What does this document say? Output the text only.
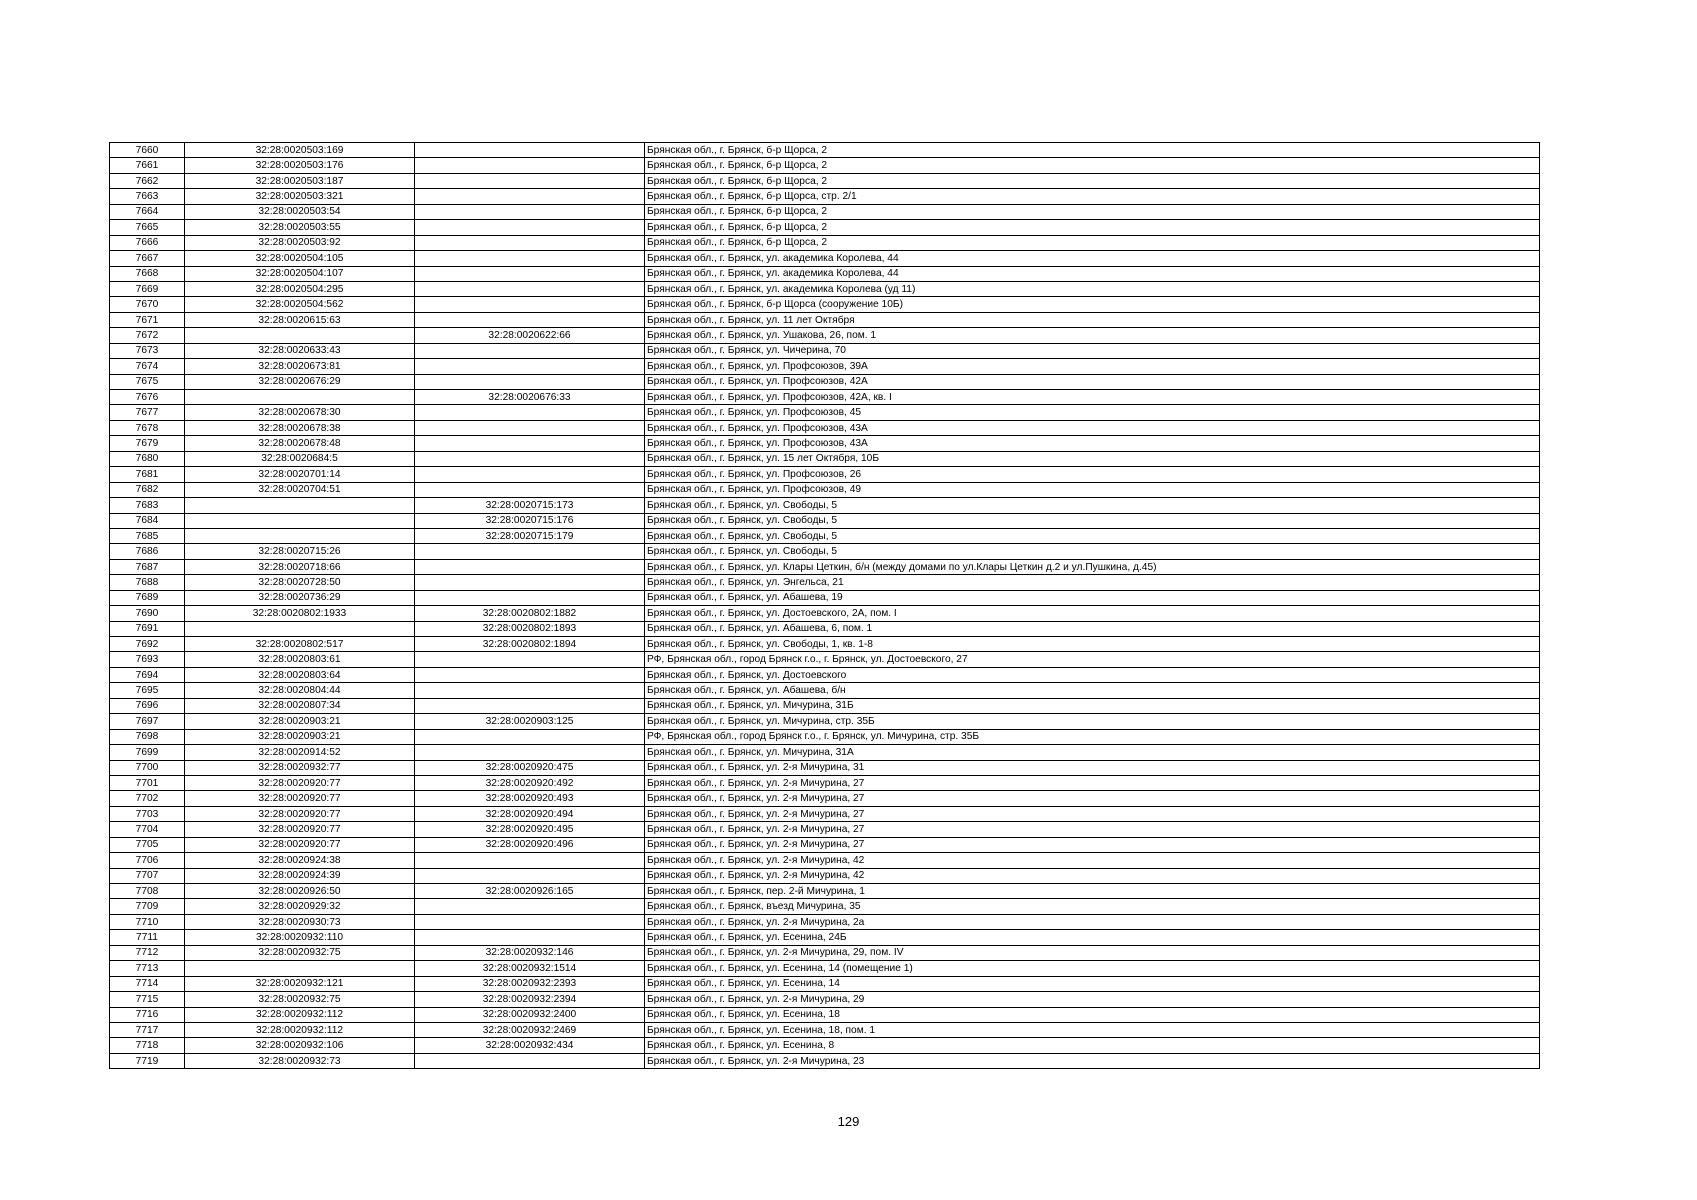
7660	32:28:0020503:169		Брянская обл., г. Брянск, б-р Щорса, 2
7661	32:28:0020503:176		Брянская обл., г. Брянск, б-р Щорса, 2
7662	32:28:0020503:187		Брянская обл., г. Брянск, б-р Щорса, 2
7663	32:28:0020503:321		Брянская обл., г. Брянск, б-р Щорса, стр. 2/1
7664	32:28:0020503:54		Брянская обл., г. Брянск, б-р Щорса, 2
7665	32:28:0020503:55		Брянская обл., г. Брянск, б-р Щорса, 2
7666	32:28:0020503:92		Брянская обл., г. Брянск, б-р Щорса, 2
7667	32:28:0020504:105		Брянская обл., г. Брянск, ул. академика Королева, 44
7668	32:28:0020504:107		Брянская обл., г. Брянск, ул. академика Королева, 44
7669	32:28:0020504:295		Брянская обл., г. Брянск, ул. академика Королева (уд 11)
7670	32:28:0020504:562		Брянская обл., г. Брянск, б-р Щорса (сооружение 10Б)
7671	32:28:0020615:63		Брянская обл., г. Брянск, ул. 11 лет Октября
7672		32:28:0020622:66	Брянская обл., г. Брянск, ул. Ушакова, 26, пом. 1
7673	32:28:0020633:43		Брянская обл., г. Брянск, ул. Чичерина, 70
7674	32:28:0020673:81		Брянская обл., г. Брянск, ул. Профсоюзов, 39А
7675	32:28:0020676:29		Брянская обл., г. Брянск, ул. Профсоюзов, 42А
7676		32:28:0020676:33	Брянская обл., г. Брянск, ул. Профсоюзов, 42А, кв. I
7677	32:28:0020678:30		Брянская обл., г. Брянск, ул. Профсоюзов, 45
7678	32:28:0020678:38		Брянская обл., г. Брянск, ул. Профсоюзов, 43А
7679	32:28:0020678:48		Брянская обл., г. Брянск, ул. Профсоюзов, 43А
7680	32:28:0020684:5		Брянская обл., г. Брянск, ул. 15 лет Октября, 10Б
7681	32:28:0020701:14		Брянская обл., г. Брянск, ул. Профсоюзов, 26
7682	32:28:0020704:51		Брянская обл., г. Брянск, ул. Профсоюзов, 49
7683		32:28:0020715:173	Брянская обл., г. Брянск, ул. Свободы, 5
7684		32:28:0020715:176	Брянская обл., г. Брянск, ул. Свободы, 5
7685		32:28:0020715:179	Брянская обл., г. Брянск, ул. Свободы, 5
7686	32:28:0020715:26		Брянская обл., г. Брянск, ул. Свободы, 5
7687	32:28:0020718:66		Брянская обл., г. Брянск, ул. Клары Цеткин, б/н (между домами по ул.Клары Цеткин д.2 и ул.Пушкина, д.45)
7688	32:28:0020728:50		Брянская обл., г. Брянск, ул. Энгельса, 21
7689	32:28:0020736:29		Брянская обл., г. Брянск, ул. Абашева, 19
7690	32:28:0020802:1933	32:28:0020802:1882	Брянская обл., г. Брянск, ул. Достоевского, 2А, пом. I
7691		32:28:0020802:1893	Брянская обл., г. Брянск, ул. Абашева, 6, пом. 1
7692	32:28:0020802:517	32:28:0020802:1894	Брянская обл., г. Брянск, ул. Свободы, 1, кв. 1-8
7693	32:28:0020803:61		РФ, Брянская обл., город Брянск г.о., г. Брянск, ул. Достоевского, 27
7694	32:28:0020803:64		Брянская обл., г. Брянск, ул. Достоевского
7695	32:28:0020804:44		Брянская обл., г. Брянск, ул. Абашева, б/н
7696	32:28:0020807:34		Брянская обл., г. Брянск, ул. Мичурина, 31Б
7697	32:28:0020903:21	32:28:0020903:125	Брянская обл., г. Брянск, ул. Мичурина, стр. 35Б
7698	32:28:0020903:21		РФ, Брянская обл., город Брянск г.о., г. Брянск, ул. Мичурина, стр. 35Б
7699	32:28:0020914:52		Брянская обл., г. Брянск, ул. Мичурина, 31А
7700	32:28:0020932:77	32:28:0020920:475	Брянская обл., г. Брянск, ул. 2-я Мичурина, 31
7701	32:28:0020920:77	32:28:0020920:492	Брянская обл., г. Брянск, ул. 2-я Мичурина, 27
7702	32:28:0020920:77	32:28:0020920:493	Брянская обл., г. Брянск, ул. 2-я Мичурина, 27
7703	32:28:0020920:77	32:28:0020920:494	Брянская обл., г. Брянск, ул. 2-я Мичурина, 27
7704	32:28:0020920:77	32:28:0020920:495	Брянская обл., г. Брянск, ул. 2-я Мичурина, 27
7705	32:28:0020920:77	32:28:0020920:496	Брянская обл., г. Брянск, ул. 2-я Мичурина, 27
7706	32:28:0020924:38		Брянская обл., г. Брянск, ул. 2-я Мичурина, 42
7707	32:28:0020924:39		Брянская обл., г. Брянск, ул. 2-я Мичурина, 42
7708	32:28:0020926:50	32:28:0020926:165	Брянская обл., г. Брянск, пер. 2-й Мичурина, 1
7709	32:28:0020929:32		Брянская обл., г. Брянск, въезд Мичурина, 35
7710	32:28:0020930:73		Брянская обл., г. Брянск, ул. 2-я Мичурина, 2а
7711	32:28:0020932:110		Брянская обл., г. Брянск, ул. Есенина, 24Б
7712	32:28:0020932:75	32:28:0020932:146	Брянская обл., г. Брянск, ул. 2-я Мичурина, 29, пом. IV
7713		32:28:0020932:1514	Брянская обл., г. Брянск, ул. Есенина, 14 (помещение 1)
7714	32:28:0020932:121	32:28:0020932:2393	Брянская обл., г. Брянск, ул. Есенина, 14
7715	32:28:0020932:75	32:28:0020932:2394	Брянская обл., г. Брянск, ул. 2-я Мичурина, 29
7716	32:28:0020932:112	32:28:0020932:2400	Брянская обл., г. Брянск, ул. Есенина, 18
7717	32:28:0020932:112	32:28:0020932:2469	Брянская обл., г. Брянск, ул. Есенина, 18, пом. 1
7718	32:28:0020932:106	32:28:0020932:434	Брянская обл., г. Брянск, ул. Есенина, 8
7719	32:28:0020932:73		Брянская обл., г. Брянск, ул. 2-я Мичурина, 23
129
